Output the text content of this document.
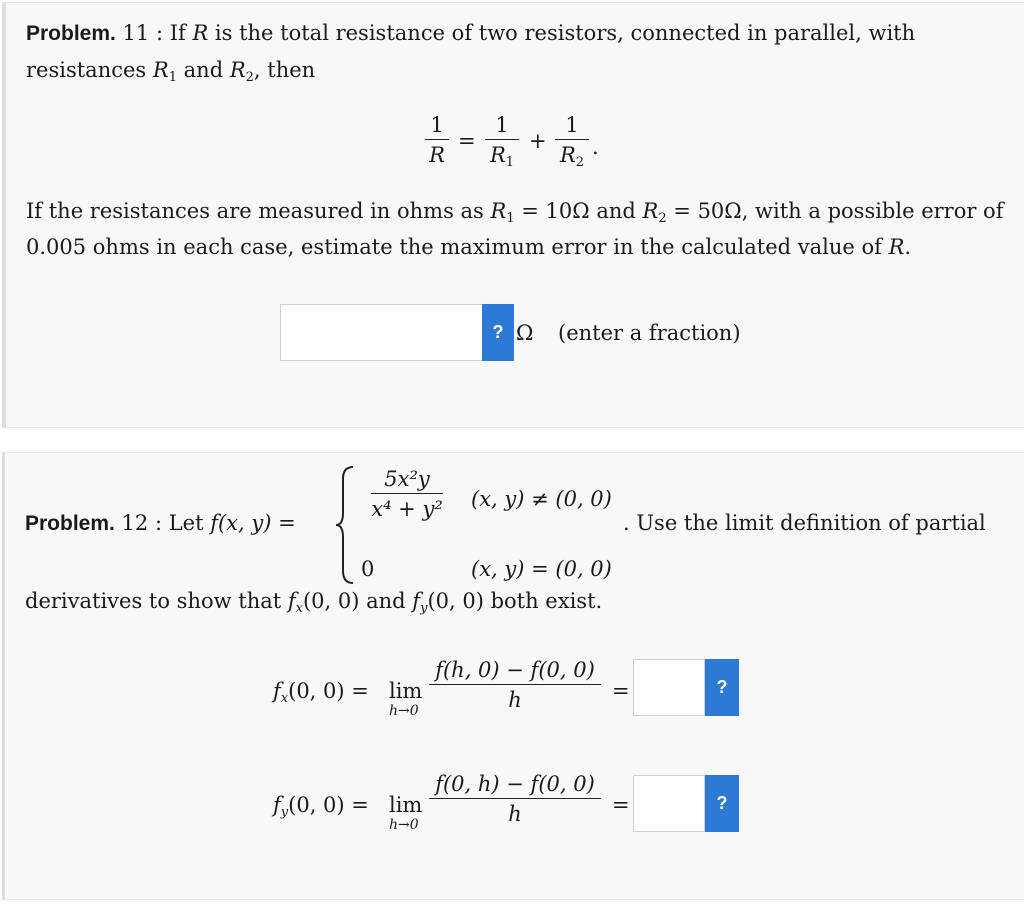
Problem. 11 : If R is the total resistance of two resistors, connected in parallel, with
resistances $R_1$ and $R_2$, then
1
R
=
1
$R_1$
+
1
$R_2$
.
If the resistances are measured in ohms as $R_1 = 10\Omega$ and $R_2 = 50\Omega$, with a possible error of
0.005 ohms in each case, estimate the maximum error in the calculated value of R.
? Ω (enter a fraction)
Problem. 12 : Let f(x, y) =
5x²y
x⁴ + y² (x, y) ≠ (0, 0)
0	(x, y) = (0, 0)
. Use the limit definition of partial
derivatives to show that $f_x(0$, 0) and $f_y(0$, 0) both exist.
$f_x(0$, 0) = lim
h→0
f(h, 0) − f(0, 0)
h	=	?
$f_y(0$, 0) = lim
h→0
f(0, h) − f(0, 0)
h	=	?
